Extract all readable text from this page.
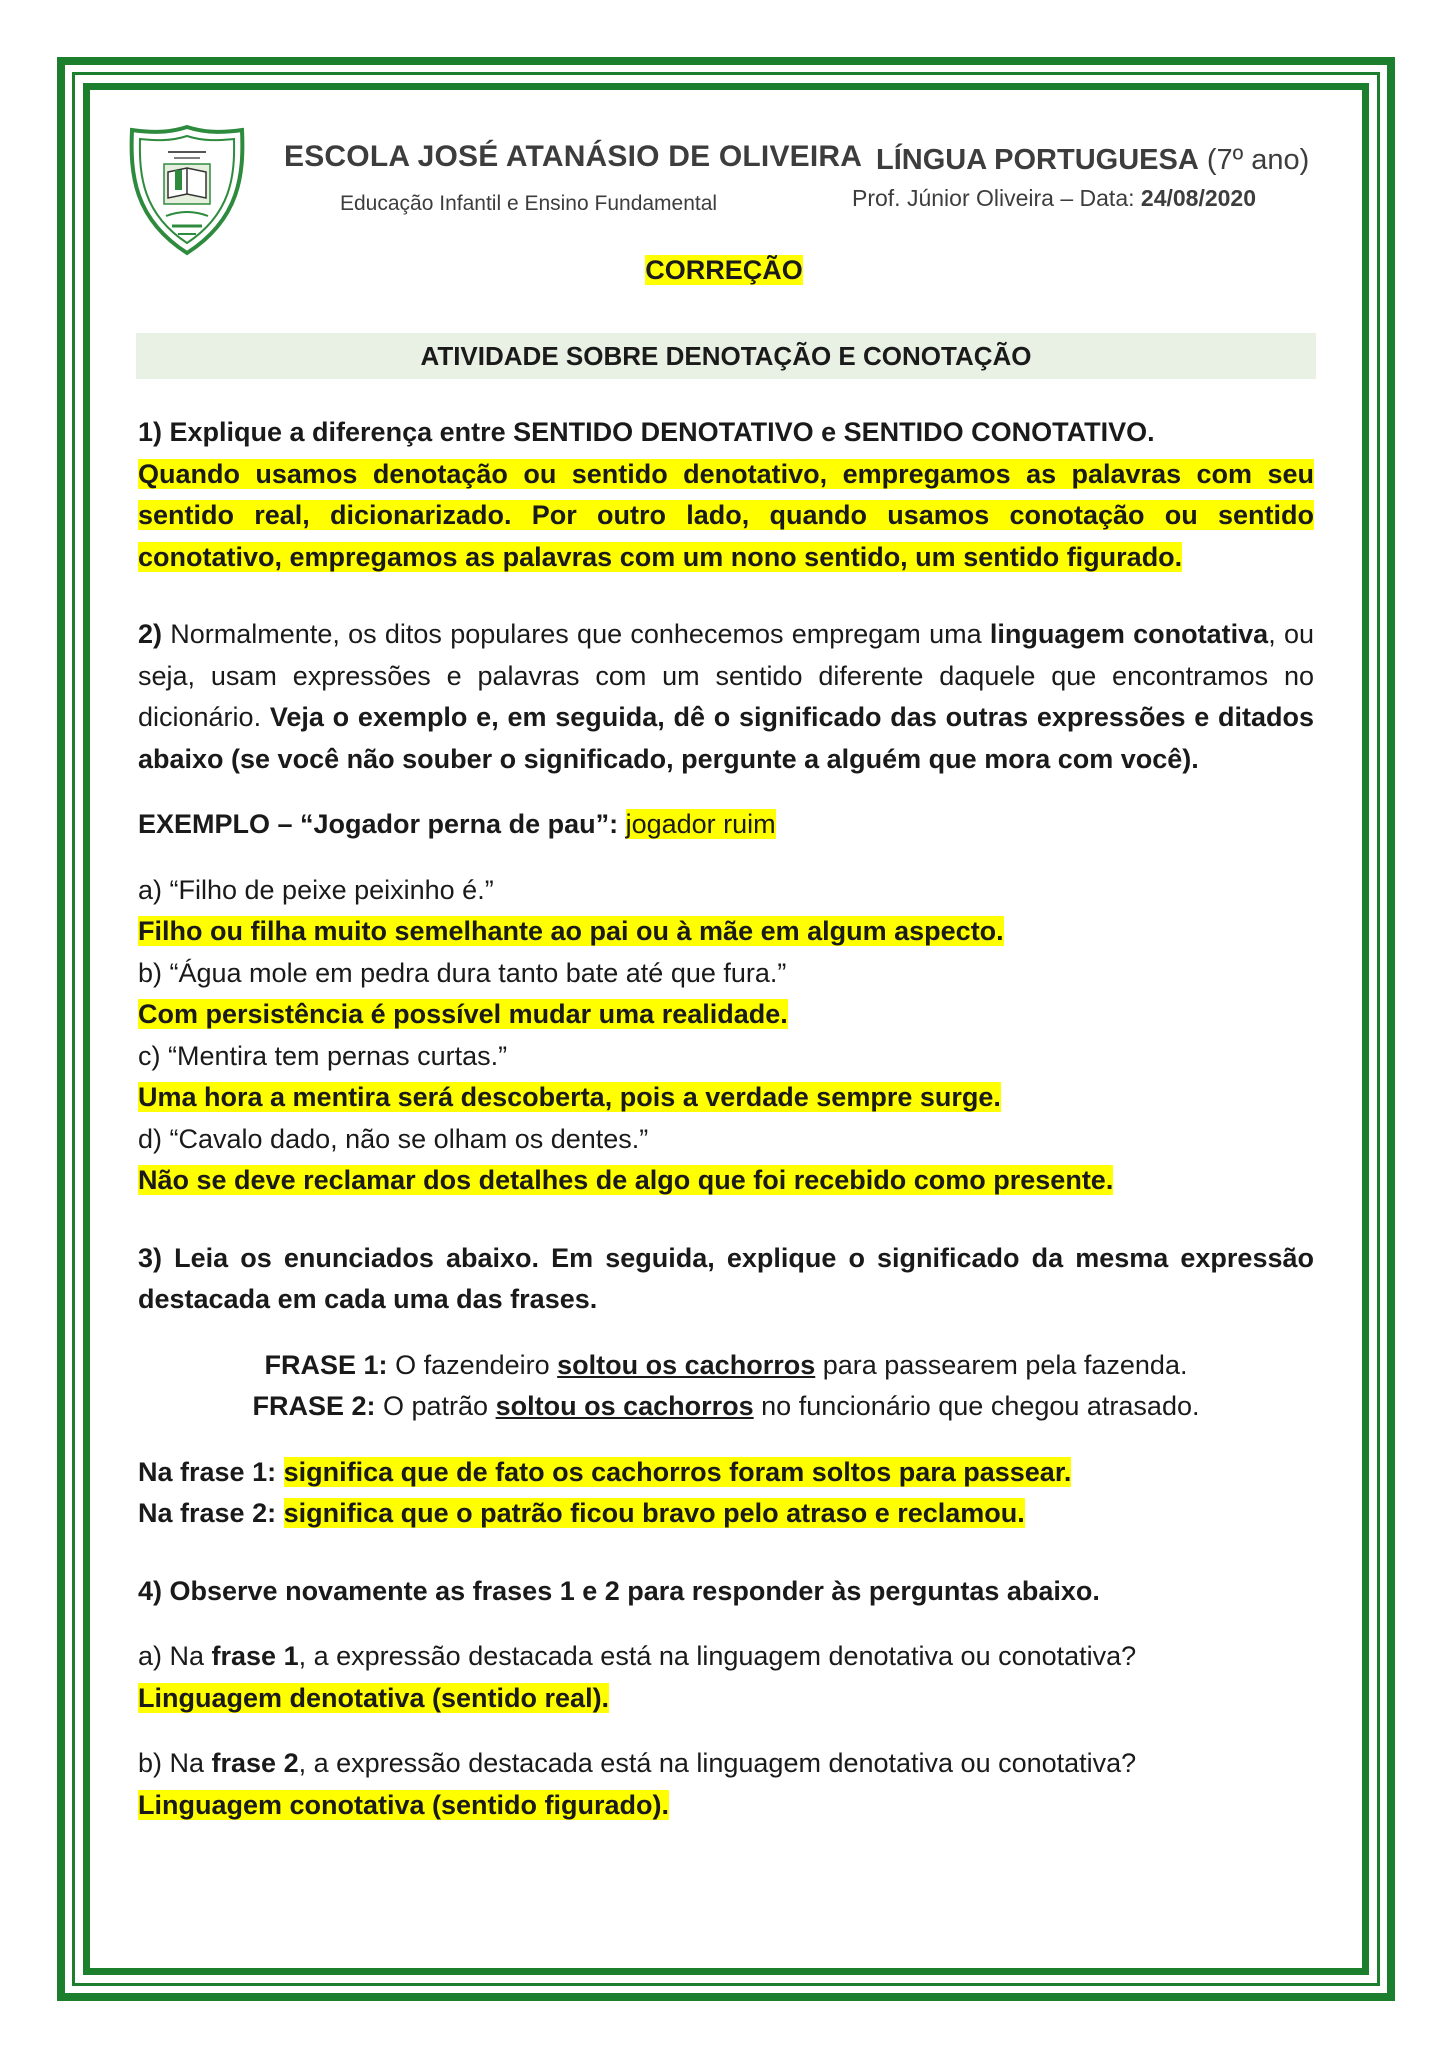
ESCOLA JOSÉ ATANÁSIO DE OLIVEIRA
Educação Infantil e Ensino Fundamental
LÍNGUA PORTUGUESA (7º ano)
Prof. Júnior Oliveira – Data: 24/08/2020
CORREÇÃO
ATIVIDADE SOBRE DENOTAÇÃO E CONOTAÇÃO

1) Explique a diferença entre SENTIDO DENOTATIVO e SENTIDO CONOTATIVO.

Quando usamos denotação ou sentido denotativo, empregamos as palavras com seu sentido real, dicionarizado. Por outro lado, quando usamos conotação ou sentido conotativo, empregamos as palavras com um nono sentido, um sentido figurado.

2) Normalmente, os ditos populares que conhecemos empregam uma linguagem conotativa, ou seja, usam expressões e palavras com um sentido diferente daquele que encontramos no dicionário. Veja o exemplo e, em seguida, dê o significado das outras expressões e ditados abaixo (se você não souber o significado, pergunte a alguém que mora com você).

EXEMPLO – “Jogador perna de pau”: jogador ruim

a) “Filho de peixe peixinho é.”

Filho ou filha muito semelhante ao pai ou à mãe em algum aspecto.

b) “Água mole em pedra dura tanto bate até que fura.”

Com persistência é possível mudar uma realidade.

c) “Mentira tem pernas curtas.”

Uma hora a mentira será descoberta, pois a verdade sempre surge.

d) “Cavalo dado, não se olham os dentes.”

Não se deve reclamar dos detalhes de algo que foi recebido como presente.

3) Leia os enunciados abaixo. Em seguida, explique o significado da mesma expressão destacada em cada uma das frases.

FRASE 1: O fazendeiro soltou os cachorros para passearem pela fazenda.

FRASE 2: O patrão soltou os cachorros no funcionário que chegou atrasado.

Na frase 1: significa que de fato os cachorros foram soltos para passear.

Na frase 2: significa que o patrão ficou bravo pelo atraso e reclamou.

4) Observe novamente as frases 1 e 2 para responder às perguntas abaixo.

a) Na frase 1, a expressão destacada está na linguagem denotativa ou conotativa?

Linguagem denotativa (sentido real).

b) Na frase 2, a expressão destacada está na linguagem denotativa ou conotativa?

Linguagem conotativa (sentido figurado).
